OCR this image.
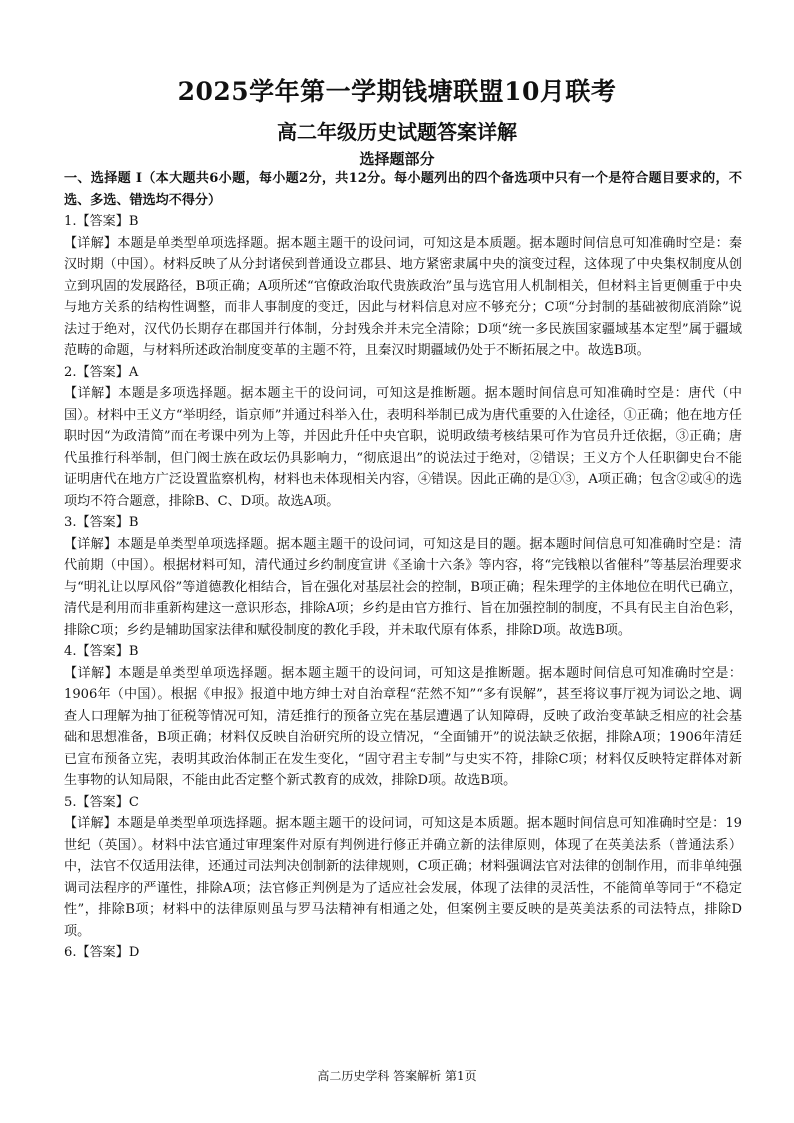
2025学年第一学期钱塘联盟10月联考
高二年级历史试题答案详解
选择题部分

一、选择题 I（本大题共6小题，每小题2分，共12分。每小题列出的四个备选项中只有一个是符合题目要求的，不选、多选、错选均不得分）

1.【答案】B

【详解】本题是单类型单项选择题。据本题主题干的设问词，可知这是本质题。据本题时间信息可知准确时空是：秦汉时期（中国）。材料反映了从分封诸侯到普通设立郡县、地方紧密隶属中央的演变过程，这体现了中央集权制度从创立到巩固的发展路径，B项正确；A项所述“官僚政治取代贵族政治”虽与选官用人机制相关，但材料主旨更侧重于中央与地方关系的结构性调整，而非人事制度的变迁，因此与材料信息对应不够充分；C项“分封制的基础被彻底消除”说法过于绝对，汉代仍长期存在郡国并行体制，分封残余并未完全清除；D项“统一多民族国家疆域基本定型”属于疆域范畴的命题，与材料所述政治制度变革的主题不符，且秦汉时期疆域仍处于不断拓展之中。故选B项。

2.【答案】A

【详解】本题是多项选择题。据本题主干的设问词，可知这是推断题。据本题时间信息可知准确时空是：唐代（中国）。材料中王义方“举明经，诣京师”并通过科举入仕，表明科举制已成为唐代重要的入仕途径，①正确；他在地方任职时因“为政清简”而在考课中列为上等，并因此升任中央官职，说明政绩考核结果可作为官员升迁依据，③正确；唐代虽推行科举制，但门阀士族在政坛仍具影响力，“彻底退出”的说法过于绝对，②错误；王义方个人任职御史台不能证明唐代在地方广泛设置监察机构，材料也未体现相关内容，④错误。因此正确的是①③，A项正确；包含②或④的选项均不符合题意，排除B、C、D项。故选A项。

3.【答案】B

【详解】本题是单类型单项选择题。据本题主题干的设问词，可知这是目的题。据本题时间信息可知准确时空是：清代前期（中国）。根据材料可知，清代通过乡约制度宣讲《圣谕十六条》等内容，将“完钱粮以省催科”等基层治理要求与“明礼让以厚风俗”等道德教化相结合，旨在强化对基层社会的控制，B项正确；程朱理学的主体地位在明代已确立，清代是利用而非重新构建这一意识形态，排除A项；乡约是由官方推行、旨在加强控制的制度，不具有民主自治色彩，排除C项；乡约是辅助国家法律和赋役制度的教化手段，并未取代原有体系，排除D项。故选B项。

4.【答案】B

【详解】本题是单类型单项选择题。据本题主题干的设问词，可知这是推断题。据本题时间信息可知准确时空是：1906年（中国）。根据《申报》报道中地方绅士对自治章程“茫然不知”“多有误解”，甚至将议事厅视为词讼之地、调查人口理解为抽丁征税等情况可知，清廷推行的预备立宪在基层遭遇了认知障碍，反映了政治变革缺乏相应的社会基础和思想准备，B项正确；材料仅反映自治研究所的设立情况，“全面铺开”的说法缺乏依据，排除A项；1906年清廷已宣布预备立宪，表明其政治体制正在发生变化，“固守君主专制”与史实不符，排除C项；材料仅反映特定群体对新生事物的认知局限，不能由此否定整个新式教育的成效，排除D项。故选B项。

5.【答案】C

【详解】本题是单类型单项选择题。据本题主题干的设问词，可知这是本质题。据本题时间信息可知准确时空是：19世纪（英国）。材料中法官通过审理案件对原有判例进行修正并确立新的法律原则，体现了在英美法系（普通法系）中，法官不仅适用法律，还通过司法判决创制新的法律规则，C项正确；材料强调法官对法律的创制作用，而非单纯强调司法程序的严谨性，排除A项；法官修正判例是为了适应社会发展，体现了法律的灵活性，不能简单等同于“不稳定性”，排除B项；材料中的法律原则虽与罗马法精神有相通之处，但案例主要反映的是英美法系的司法特点，排除D项。

6.【答案】D

高二历史学科 答案解析 第1页
